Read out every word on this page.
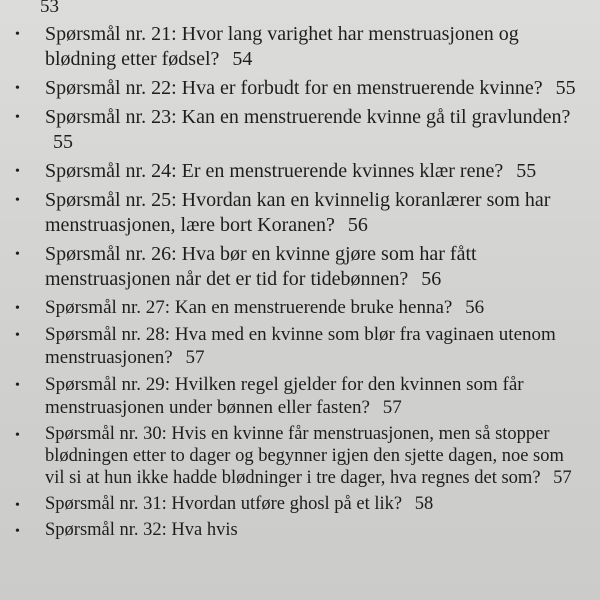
53
• Spørsmål nr. 21: Hvor lang varighet har menstruasjonen og blødning etter fødsel? 54
• Spørsmål nr. 22: Hva er forbudt for en menstruerende kvinne? 55
• Spørsmål nr. 23: Kan en menstruerende kvinne gå til gravlunden? 55
• Spørsmål nr. 24: Er en menstruerende kvinnes klær rene? 55
• Spørsmål nr. 25: Hvordan kan en kvinnelig koranlærer som har menstruasjonen, lære bort Koranen? 56
• Spørsmål nr. 26: Hva bør en kvinne gjøre som har fått menstruasjonen når det er tid for tidebønnen? 56
• Spørsmål nr. 27: Kan en menstruerende bruke henna? 56
• Spørsmål nr. 28: Hva med en kvinne som blør fra vaginaen utenom menstruasjonen? 57
• Spørsmål nr. 29: Hvilken regel gjelder for den kvinnen som får menstruasjonen under bønnen eller fasten? 57
• Spørsmål nr. 30: Hvis en kvinne får menstruasjonen, men så stopper blødningen etter to dager og begynner igjen den sjette dagen, noe som vil si at hun ikke hadde blødninger i tre dager, hva regnes det som? 57
• Spørsmål nr. 31: Hvordan utføre ghosl på et lik? 58
• Spørsmål nr. 32: Hva hvis
